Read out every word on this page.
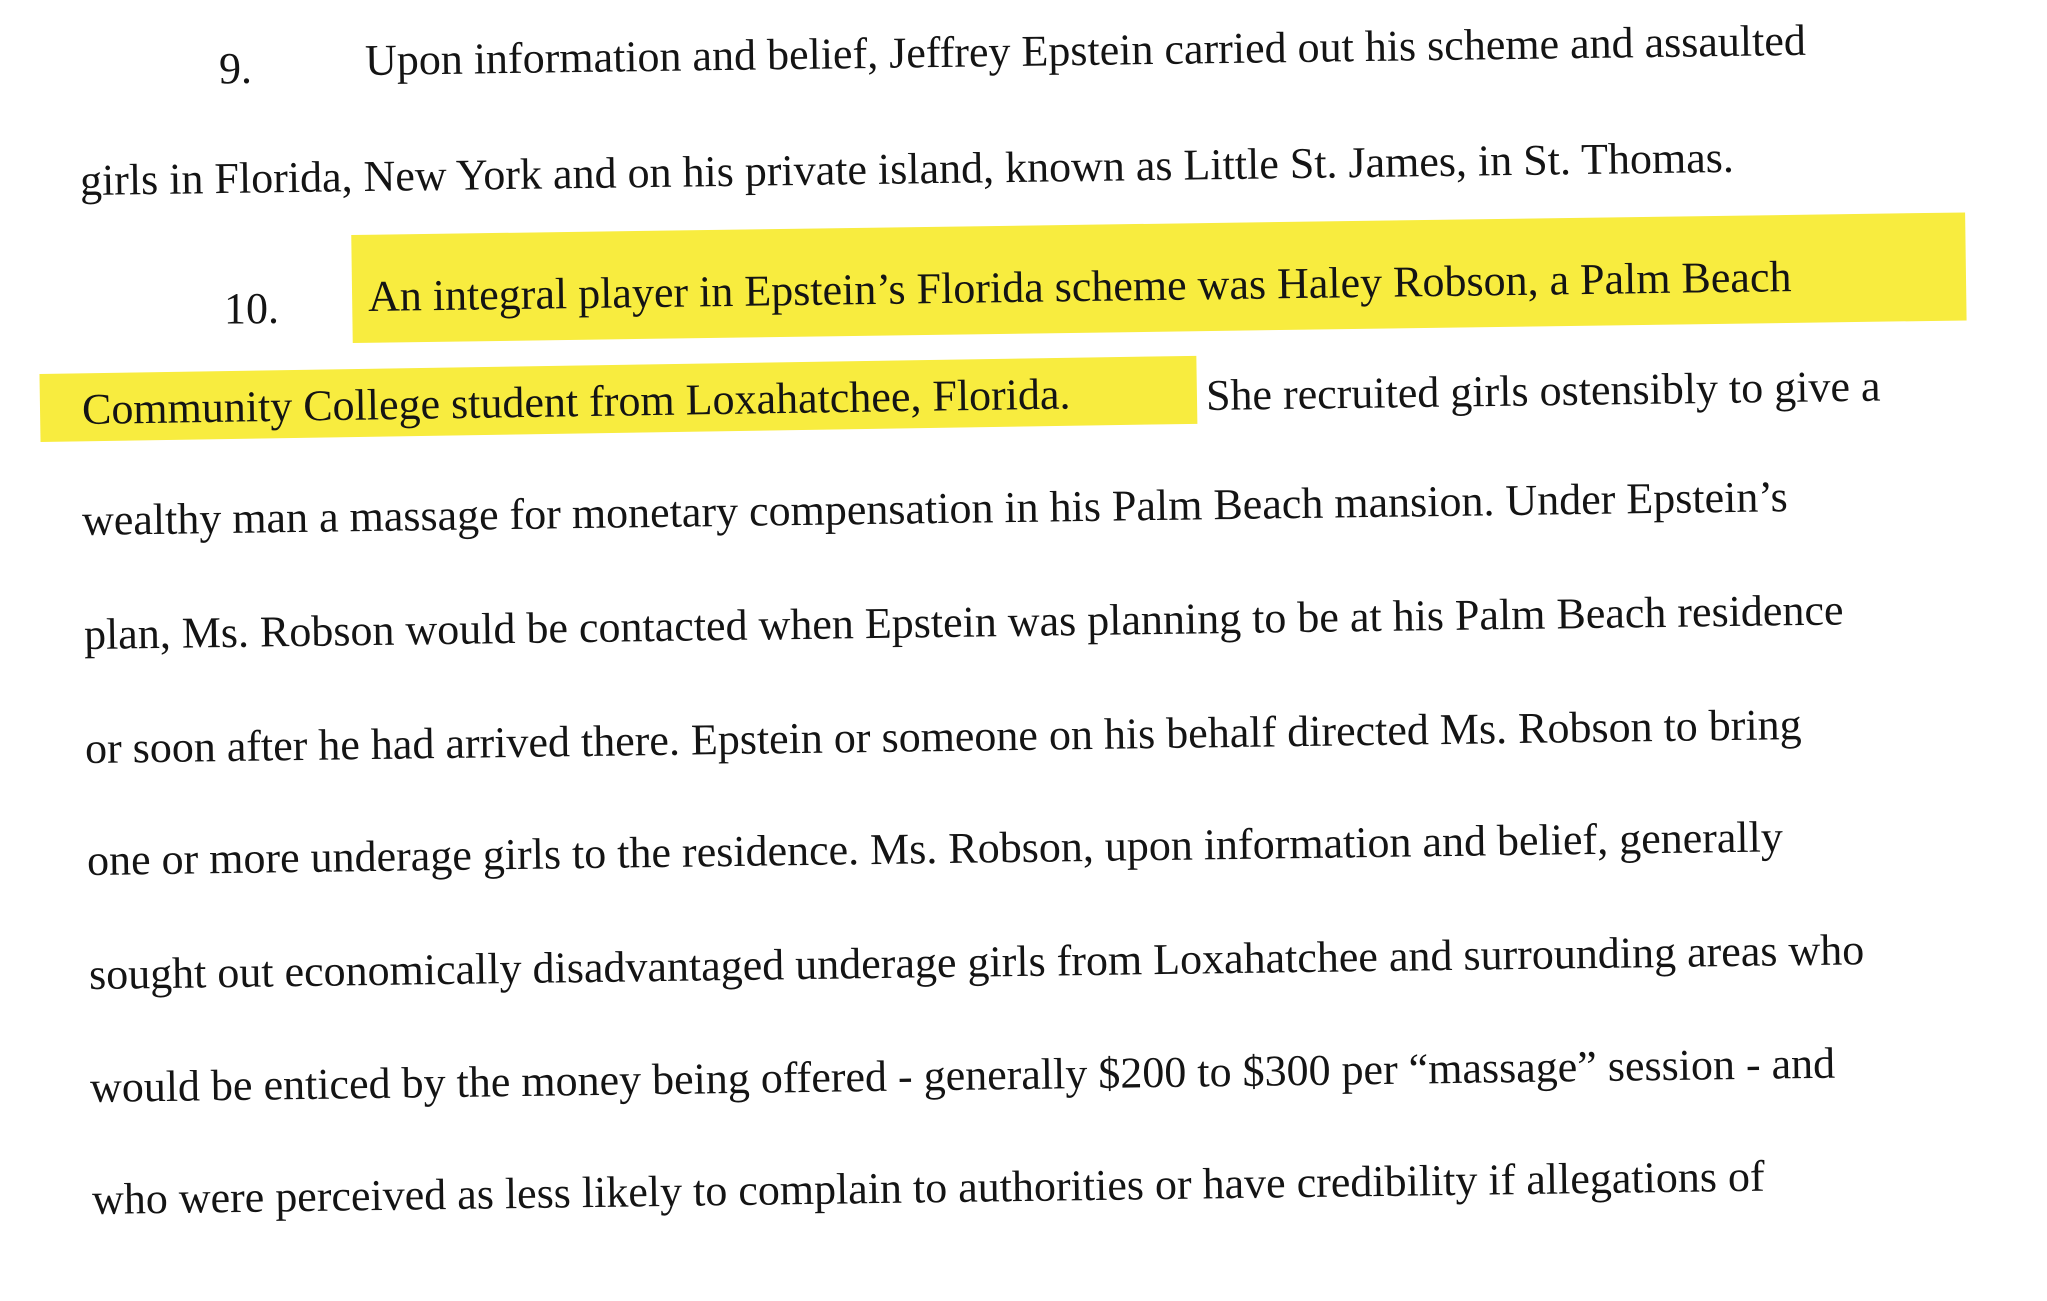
9.	Upon information and belief, Jeffrey Epstein carried out his scheme and assaulted
girls in Florida, New York and on his private island, known as Little St. James, in St. Thomas.
10. An integral player in Epstein’s Florida scheme was Haley Robson, a Palm Beach
Community College student from Loxahatchee, Florida.	She recruited girls ostensibly to give a
wealthy man a massage for monetary compensation in his Palm Beach mansion. Under Epstein’s
plan, Ms. Robson would be contacted when Epstein was planning to be at his Palm Beach residence
or soon after he had arrived there. Epstein or someone on his behalf directed Ms. Robson to bring
one or more underage girls to the residence. Ms. Robson, upon information and belief, generally
sought out economically disadvantaged underage girls from Loxahatchee and surrounding areas who
would be enticed by the money being offered - generally $200 to $300 per “massage” session - and
who were perceived as less likely to complain to authorities or have credibility if allegations of
